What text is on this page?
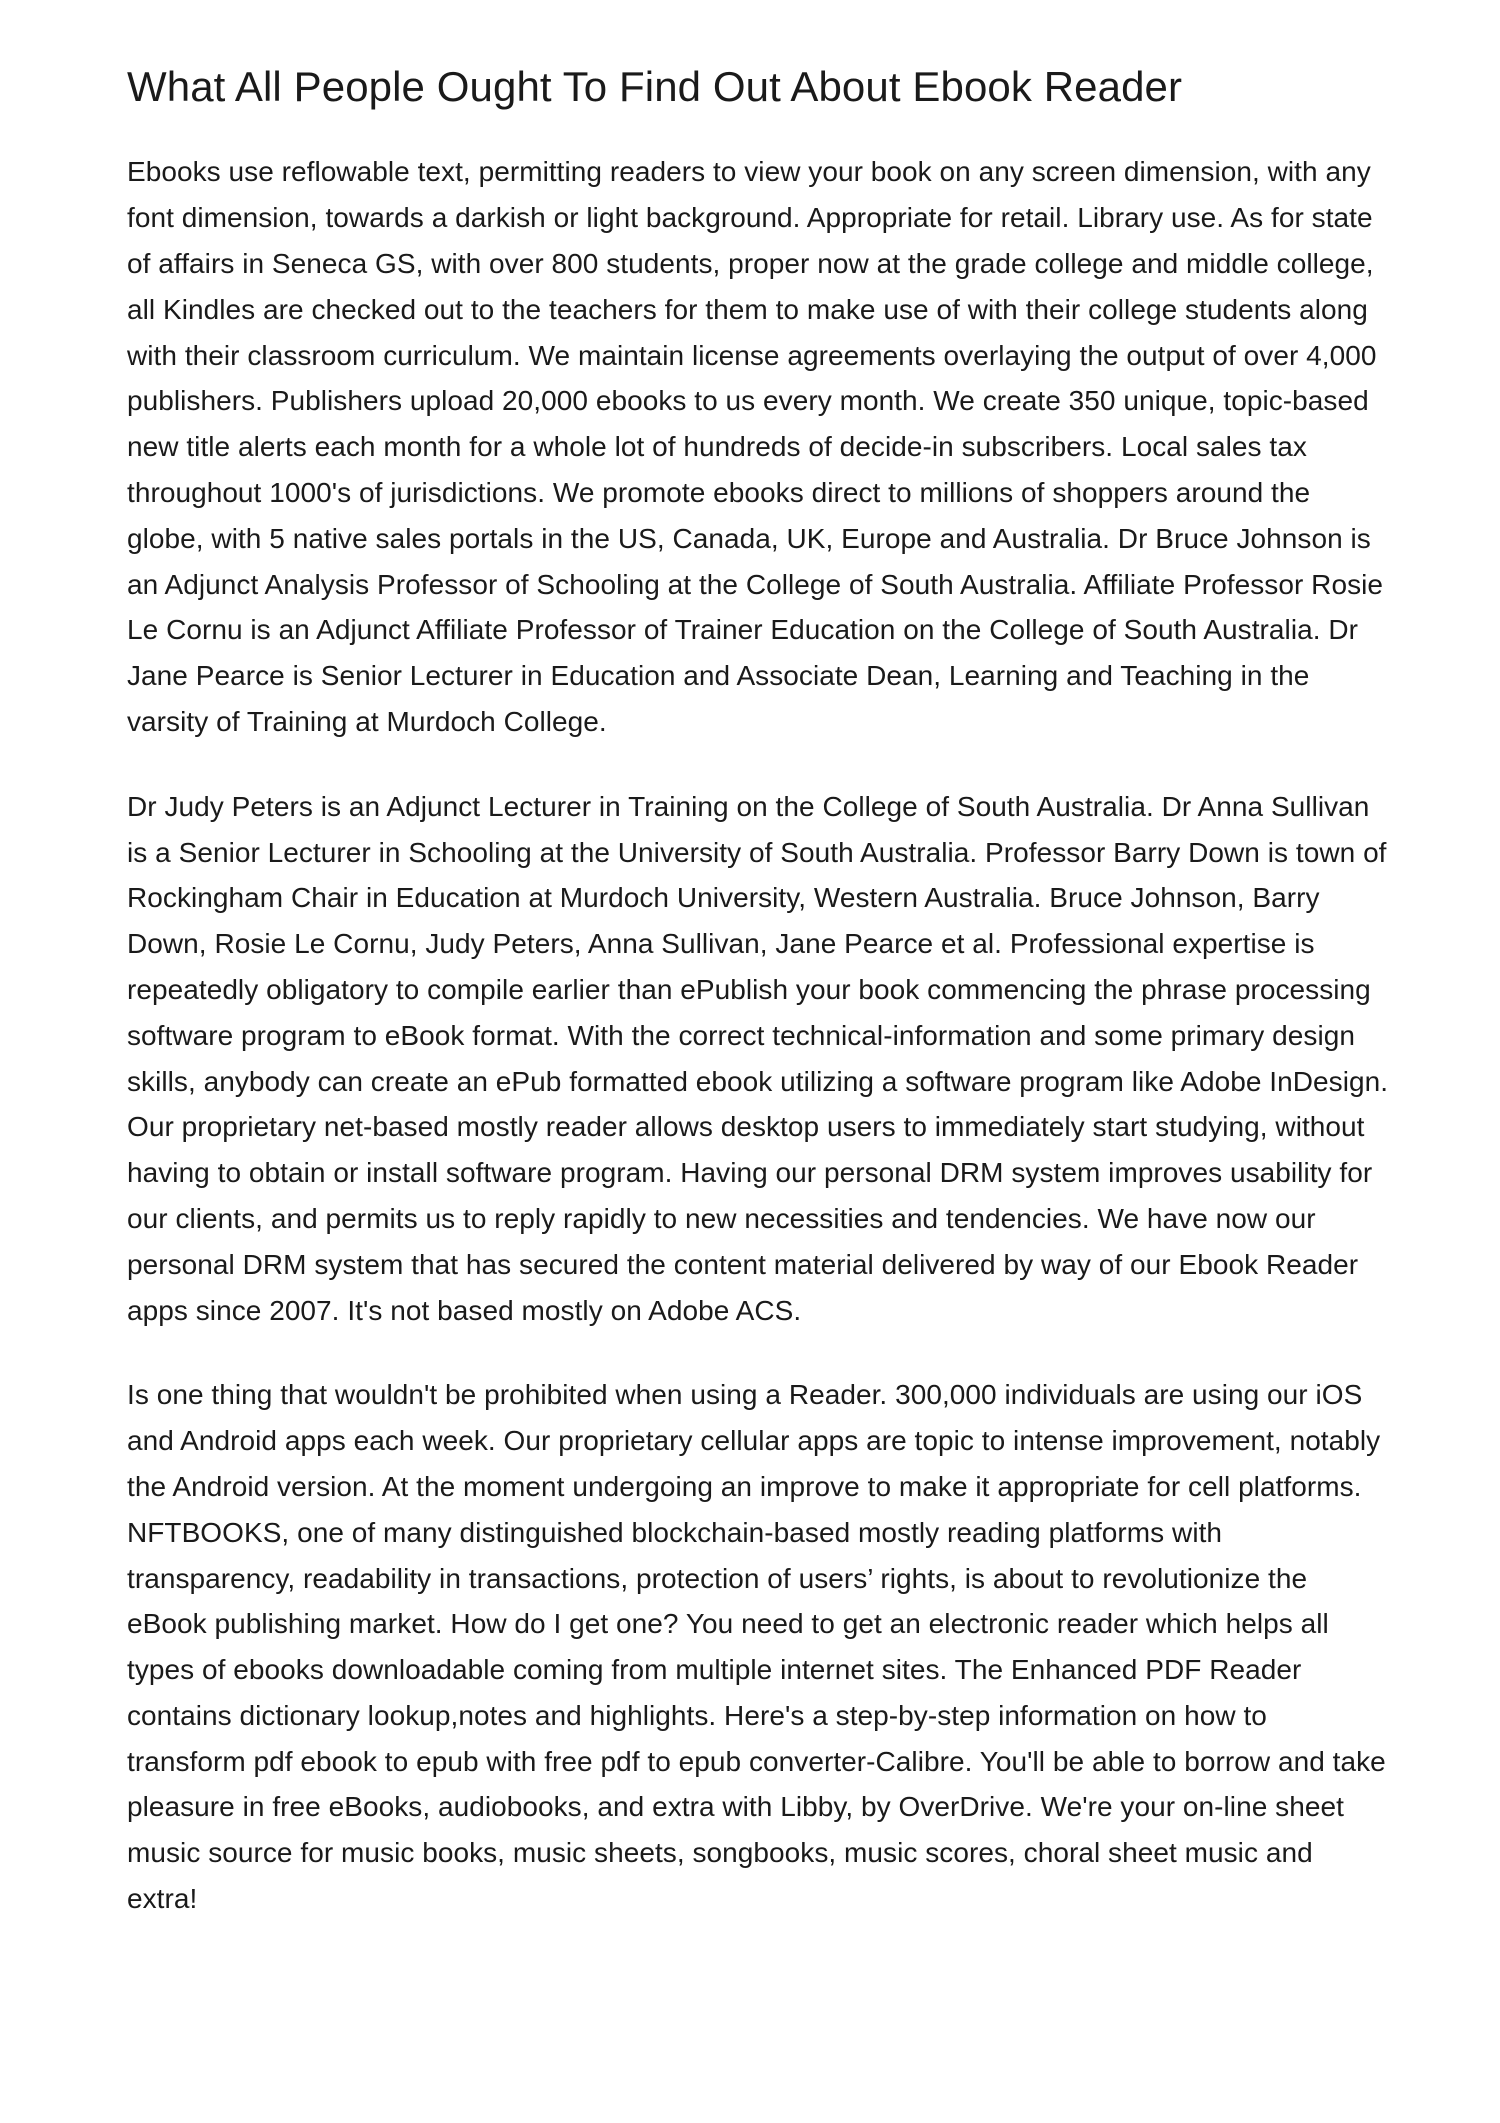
What All People Ought To Find Out About Ebook Reader

Ebooks use reflowable text, permitting readers to view your book on any screen dimension, with any font dimension, towards a darkish or light background. Appropriate for retail. Library use. As for state of affairs in Seneca GS, with over 800 students, proper now at the grade college and middle college, all Kindles are checked out to the teachers for them to make use of with their college students along with their classroom curriculum. We maintain license agreements overlaying the output of over 4,000 publishers. Publishers upload 20,000 ebooks to us every month. We create 350 unique, topic-based new title alerts each month for a whole lot of hundreds of decide-in subscribers. Local sales tax throughout 1000's of jurisdictions. We promote ebooks direct to millions of shoppers around the globe, with 5 native sales portals in the US, Canada, UK, Europe and Australia. Dr Bruce Johnson is an Adjunct Analysis Professor of Schooling at the College of South Australia. Affiliate Professor Rosie Le Cornu is an Adjunct Affiliate Professor of Trainer Education on the College of South Australia. Dr Jane Pearce is Senior Lecturer in Education and Associate Dean, Learning and Teaching in the varsity of Training at Murdoch College.

Dr Judy Peters is an Adjunct Lecturer in Training on the College of South Australia. Dr Anna Sullivan is a Senior Lecturer in Schooling at the University of South Australia. Professor Barry Down is town of Rockingham Chair in Education at Murdoch University, Western Australia. Bruce Johnson, Barry Down, Rosie Le Cornu, Judy Peters, Anna Sullivan, Jane Pearce et al. Professional expertise is repeatedly obligatory to compile earlier than ePublish your book commencing the phrase processing software program to eBook format. With the correct technical-information and some primary design skills, anybody can create an ePub formatted ebook utilizing a software program like Adobe InDesign. Our proprietary net-based mostly reader allows desktop users to immediately start studying, without having to obtain or install software program. Having our personal DRM system improves usability for our clients, and permits us to reply rapidly to new necessities and tendencies. We have now our personal DRM system that has secured the content material delivered by way of our Ebook Reader apps since 2007. It's not based mostly on Adobe ACS.

Is one thing that wouldn't be prohibited when using a Reader. 300,000 individuals are using our iOS and Android apps each week. Our proprietary cellular apps are topic to intense improvement, notably the Android version. At the moment undergoing an improve to make it appropriate for cell platforms. NFTBOOKS, one of many distinguished blockchain-based mostly reading platforms with transparency, readability in transactions, protection of users’ rights, is about to revolutionize the eBook publishing market. How do I get one? You need to get an electronic reader which helps all types of ebooks downloadable coming from multiple internet sites. The Enhanced PDF Reader contains dictionary lookup,notes and highlights. Here's a step-by-step information on how to transform pdf ebook to epub with free pdf to epub converter-Calibre. You'll be able to borrow and take pleasure in free eBooks, audiobooks, and extra with Libby, by OverDrive. We're your on-line sheet music source for music books, music sheets, songbooks, music scores, choral sheet music and extra!
